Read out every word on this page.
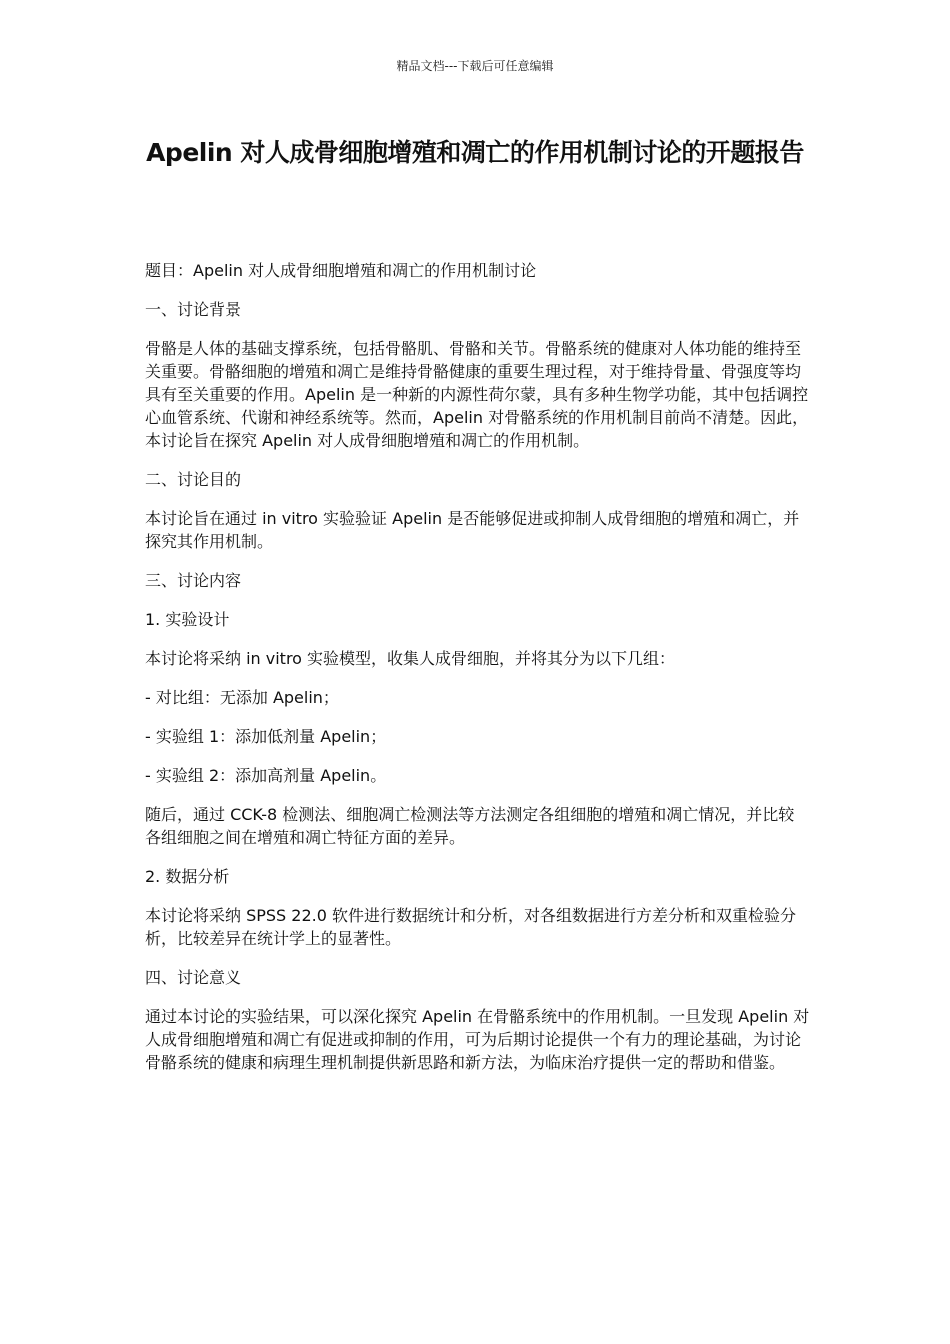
精品文档---下载后可任意编辑
Apelin 对人成骨细胞增殖和凋亡的作用机制讨论的开题报告

题目：Apelin 对人成骨细胞增殖和凋亡的作用机制讨论

一、讨论背景

骨骼是人体的基础支撑系统，包括骨骼肌、骨骼和关节。骨骼系统的健康对人体功能的维持至关重要。骨骼细胞的增殖和凋亡是维持骨骼健康的重要生理过程，对于维持骨量、骨强度等均具有至关重要的作用。Apelin 是一种新的内源性荷尔蒙，具有多种生物学功能，其中包括调控心血管系统、代谢和神经系统等。然而，Apelin 对骨骼系统的作用机制目前尚不清楚。因此，本讨论旨在探究 Apelin 对人成骨细胞增殖和凋亡的作用机制。

二、讨论目的

本讨论旨在通过 in vitro 实验验证 Apelin 是否能够促进或抑制人成骨细胞的增殖和凋亡，并探究其作用机制。

三、讨论内容

1. 实验设计

本讨论将采纳 in vitro 实验模型，收集人成骨细胞，并将其分为以下几组：

- 对比组：无添加 Apelin；

- 实验组 1：添加低剂量 Apelin；

- 实验组 2：添加高剂量 Apelin。

随后，通过 CCK-8 检测法、细胞凋亡检测法等方法测定各组细胞的增殖和凋亡情况，并比较各组细胞之间在增殖和凋亡特征方面的差异。

2. 数据分析

本讨论将采纳 SPSS 22.0 软件进行数据统计和分析，对各组数据进行方差分析和双重检验分析，比较差异在统计学上的显著性。

四、讨论意义

通过本讨论的实验结果，可以深化探究 Apelin 在骨骼系统中的作用机制。一旦发现 Apelin 对人成骨细胞增殖和凋亡有促进或抑制的作用，可为后期讨论提供一个有力的理论基础，为讨论骨骼系统的健康和病理生理机制提供新思路和新方法，为临床治疗提供一定的帮助和借鉴。
